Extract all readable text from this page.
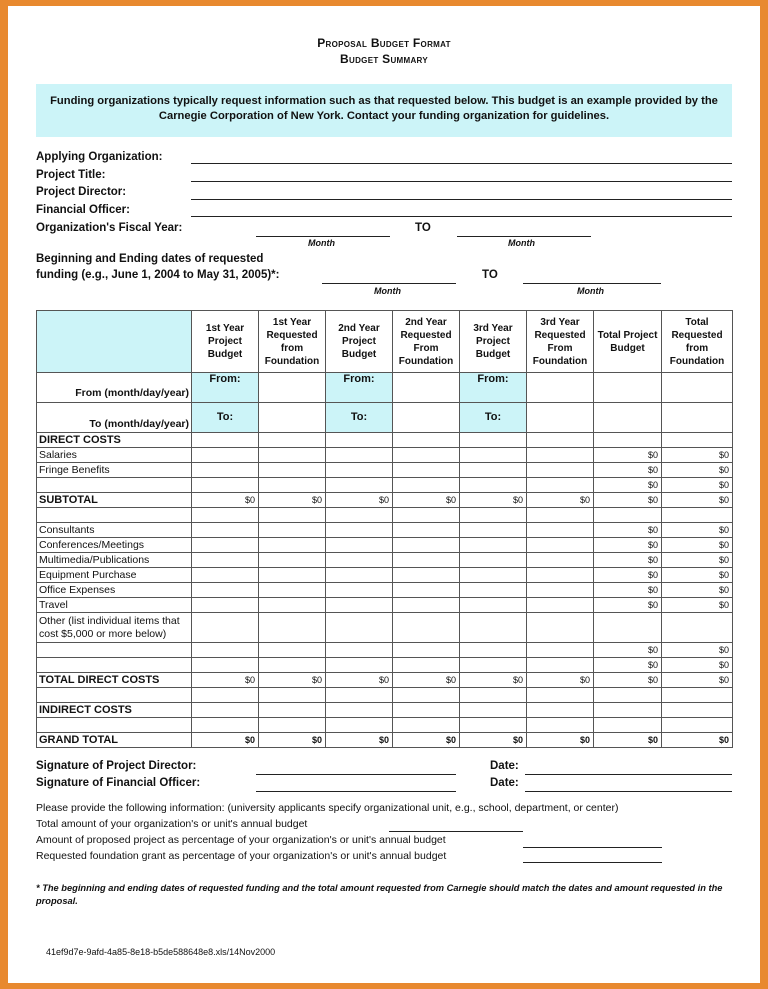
Proposal Budget Format
Budget Summary
Funding organizations typically request information such as that requested below. This budget is an example provided by the Carnegie Corporation of New York. Contact your funding organization for guidelines.
Applying Organization:
Project Title:
Project Director:
Financial Officer:
Organization's Fiscal Year:	TO
Month	Month
Beginning and Ending dates of requested
funding (e.g., June 1, 2004 to May 31, 2005)*:	TO
Month	Month
	1st Year Project Budget	1st Year Requested from Foundation	2nd Year Project Budget	2nd Year Requested From Foundation	3rd Year Project Budget	3rd Year Requested From Foundation	Total Project Budget	Total Requested from Foundation
From (month/day/year)	From:		From:		From:			
To (month/day/year)	To:		To:		To:			
DIRECT COSTS								
Salaries							$0	$0
Fringe Benefits							$0	$0
							$0	$0
SUBTOTAL	$0	$0	$0	$0	$0	$0	$0	$0

Consultants							$0	$0
Conferences/Meetings							$0	$0
Multimedia/Publications							$0	$0
Equipment Purchase							$0	$0
Office Expenses							$0	$0
Travel							$0	$0

Other (list individual items that
cost $5,000 or more below)								

							$0	$0
							$0	$0
TOTAL DIRECT COSTS	$0	$0	$0	$0	$0	$0	$0	$0

INDIRECT COSTS								

GRAND TOTAL	$0	$0	$0	$0	$0	$0	$0	$0
Signature of Project Director:	Date:
Signature of Financial Officer:	Date:
Please provide the following information: (university applicants specify organizational unit, e.g., school, department, or center)
Total amount of your organization's or unit's annual budget
Amount of proposed project as percentage of your organization's or unit's annual budget
Requested foundation grant as percentage of your organization's or unit's annual budget
* The beginning and ending dates of requested funding and the total amount requested from Carnegie should match the dates and amount requested in the proposal.
41ef9d7e-9afd-4a85-8e18-b5de588648e8.xls/14Nov2000
